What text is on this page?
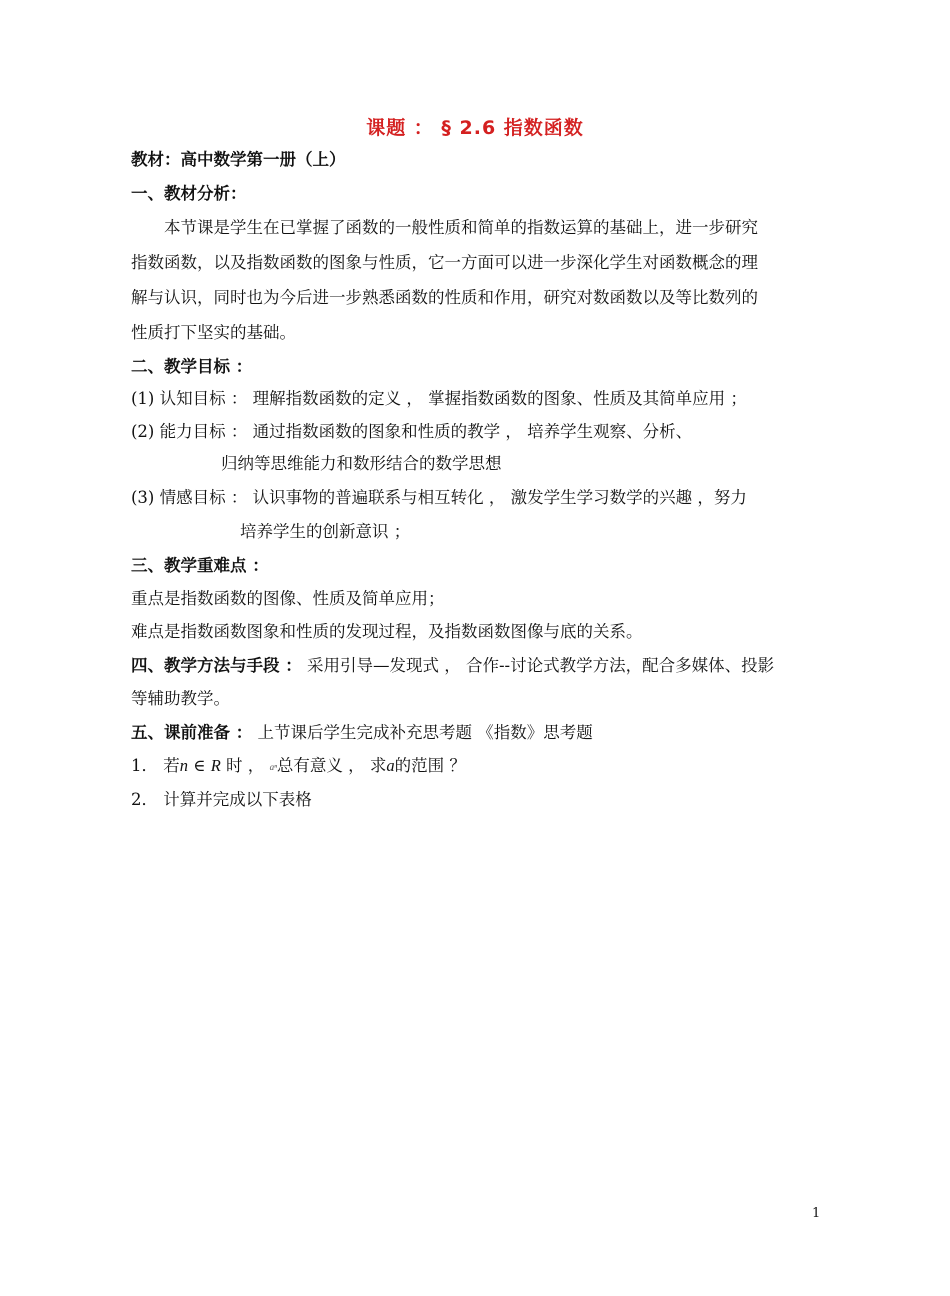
课题 ： § 2.6 指数函数
教材：高中数学第一册（上）
一、教材分析：
本节课是学生在已掌握了函数的一般性质和简单的指数运算的基础上，进一步研究
指数函数，以及指数函数的图象与性质，它一方面可以进一步深化学生对函数概念的理
解与认识，同时也为今后进一步熟悉函数的性质和作用，研究对数函数以及等比数列的
性质打下坚实的基础。
二、教学目标 ：
(1) 认知目标 ： 理解指数函数的定义 ， 掌握指数函数的图象、性质及其简单应用 ；
(2) 能力目标 ： 通过指数函数的图象和性质的教学 ， 培养学生观察、分析、
归纳等思维能力和数形结合的数学思想
(3) 情感目标 ： 认识事物的普遍联系与相互转化 ， 激发学生学习数学的兴趣 ，努力
培养学生的创新意识 ；
三、教学重难点 ：
重点是指数函数的图像、性质及简单应用；
难点是指数函数图象和性质的发现过程，及指数函数图像与底的关系。
四、教学方法与手段 ： 采用引导—发现式 ， 合作--讨论式教学方法，配合多媒体、投影
等辅助教学。
五、课前准备 ： 上节课后学生完成补充思考题 《指数》思考题
1． 若n ∈ R 时 ， aⁿ总有意义 ， 求a的范围 ？
2． 计算并完成以下表格
1
